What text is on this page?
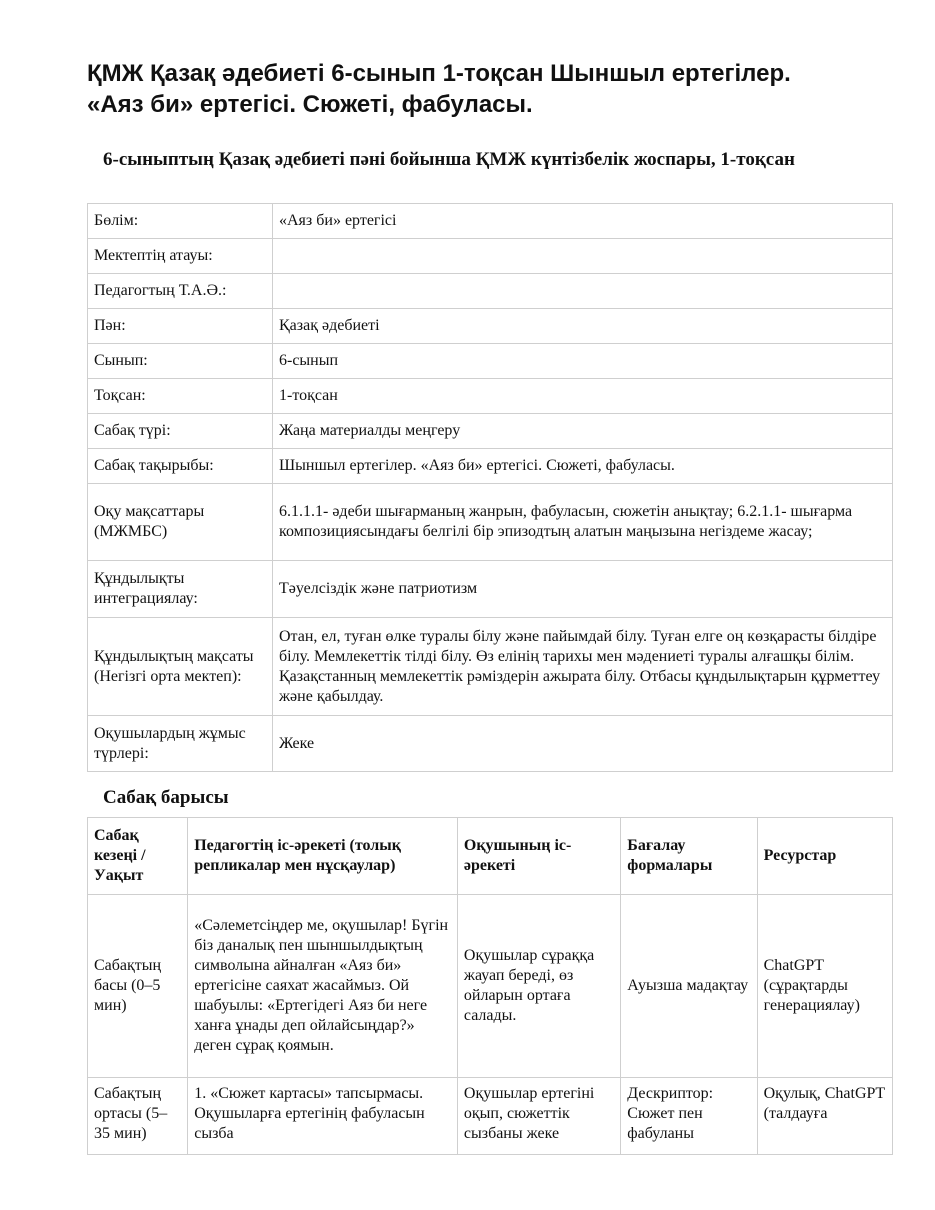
ҚМЖ Қазақ әдебиеті 6-сынып 1-тоқсан Шыншыл ертегілер. «Аяз би» ертегісі. Сюжеті, фабуласы.
6-сыныптың Қазақ әдебиеті пәні бойынша ҚМЖ күнтізбелік жоспары, 1-тоқсан
Бөлім:	«Аяз би» ертегісі
Мектептің атауы:	
Педагогтың Т.А.Ә.:	
Пән:	Қазақ әдебиеті
Сынып:	6-сынып
Тоқсан:	1-тоқсан
Сабақ түрі:	Жаңа материалды меңгеру
Сабақ тақырыбы:	Шыншыл ертегілер. «Аяз би» ертегісі. Сюжеті, фабуласы.
Оқу мақсаттары (МЖМБС)	6.1.1.1- әдеби шығарманың жанрын, фабуласын, сюжетін анықтау; 6.2.1.1- шығарма композициясындағы белгілі бір эпизодтың алатын маңызына негіздеме жасау;
Құндылықты интеграциялау:	Тәуелсіздік және патриотизм
Құндылықтың мақсаты (Негізгі орта мектеп):	Отан, ел, туған өлке туралы білу және пайымдай білу. Туған елге оң көзқарасты білдіре білу. Мемлекеттік тілді білу. Өз елінің тарихы мен мәдениеті туралы алғашқы білім. Қазақстанның мемлекеттік рәміздерін ажырата білу. Отбасы құндылықтарын құрметтеу және қабылдау.
Оқушылардың жұмыс түрлері:	Жеке
Сабақ барысы
Сабақ кезеңі / Уақыт	Педагогтің іс-әрекеті (толық репликалар мен нұсқаулар)	Оқушының іс-әрекеті	Бағалау формалары	Ресурстар
Сабақтың басы (0–5 мин)	«Сәлеметсіңдер ме, оқушылар! Бүгін біз даналық пен шыншылдықтың символына айналған «Аяз би» ертегісіне саяхат жасаймыз. Ой шабуылы: «Ертегідегі Аяз би неге ханға ұнады деп ойлайсыңдар?» деген сұрақ қоямын.	Оқушылар сұраққа жауап береді, өз ойларын ортаға салады.	Ауызша мадақтау	ChatGPT (сұрақтарды генерациялау)

Сабақтың ортасы (5–35 мин)	1. «Сюжет картасы» тапсырмасы. Оқушыларға ертегінің фабуласын сызба	Оқушылар ертегіні оқып, сюжеттік сызбаны жеке	Дескриптор: Сюжет пен фабуланы	Оқулық, ChatGPT (талдауға
